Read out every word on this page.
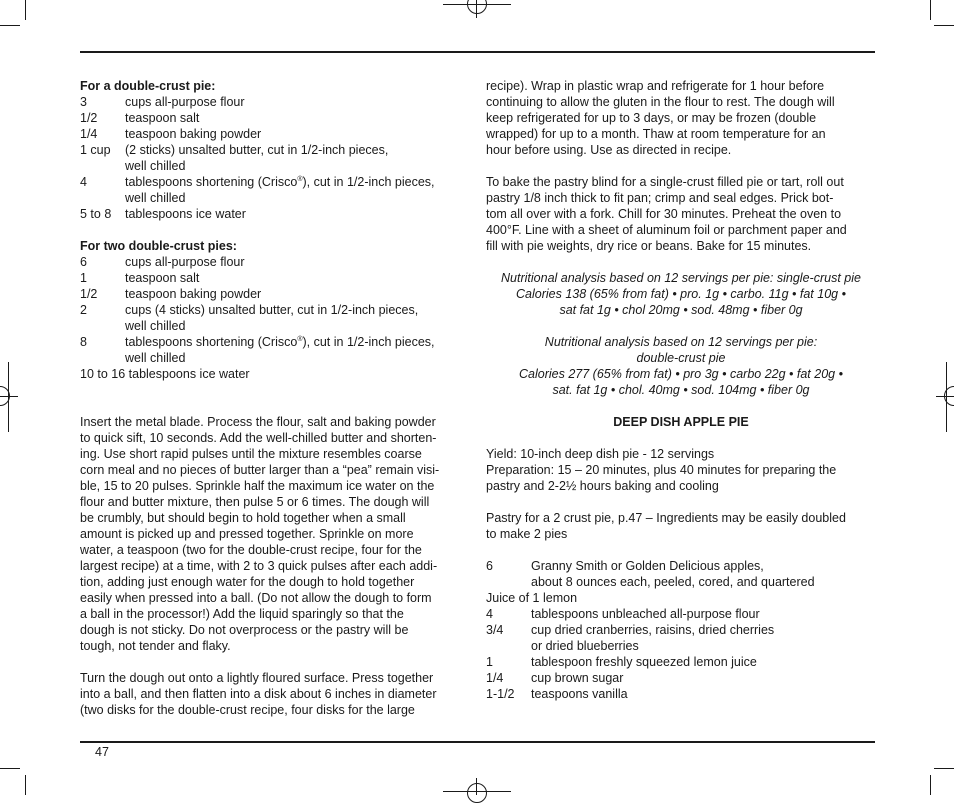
For a double-crust pie:
3	cups all-purpose flour
1/2	teaspoon salt
1/4	teaspoon baking powder
1 cup	(2 sticks) unsalted butter, cut in 1/2-inch pieces,
well chilled
4	tablespoons shortening (Crisco®), cut in 1/2-inch pieces,
well chilled
5 to 8	tablespoons ice water
For two double-crust pies:
6	cups all-purpose flour
1	teaspoon salt
1/2	teaspoon baking powder
2	cups (4 sticks) unsalted butter, cut in 1/2-inch pieces,
well chilled
8	tablespoons shortening (Crisco®), cut in 1/2-inch pieces,
well chilled
10 to 16 tablespoons ice water
Insert the metal blade. Process the flour, salt and baking powder
to quick sift, 10 seconds. Add the well-chilled butter and shorten-
ing. Use short rapid pulses until the mixture resembles coarse
corn meal and no pieces of butter larger than a “pea” remain visi-
ble, 15 to 20 pulses. Sprinkle half the maximum ice water on the
flour and butter mixture, then pulse 5 or 6 times. The dough will
be crumbly, but should begin to hold together when a small
amount is picked up and pressed together. Sprinkle on more
water, a teaspoon (two for the double-crust recipe, four for the
largest recipe) at a time, with 2 to 3 quick pulses after each addi-
tion, adding just enough water for the dough to hold together
easily when pressed into a ball. (Do not allow the dough to form
a ball in the processor!) Add the liquid sparingly so that the
dough is not sticky. Do not overprocess or the pastry will be
tough, not tender and flaky.
Turn the dough out onto a lightly floured surface. Press together
into a ball, and then flatten into a disk about 6 inches in diameter
(two disks for the double-crust recipe, four disks for the large
recipe). Wrap in plastic wrap and refrigerate for 1 hour before
continuing to allow the gluten in the flour to rest. The dough will
keep refrigerated for up to 3 days, or may be frozen (double
wrapped) for up to a month. Thaw at room temperature for an
hour before using. Use as directed in recipe.
To bake the pastry blind for a single-crust filled pie or tart, roll out
pastry 1/8 inch thick to fit pan; crimp and seal edges. Prick bot-
tom all over with a fork. Chill for 30 minutes. Preheat the oven to
400°F. Line with a sheet of aluminum foil or parchment paper and
fill with pie weights, dry rice or beans. Bake for 15 minutes.
Nutritional analysis based on 12 servings per pie: single-crust pie
Calories 138 (65% from fat) • pro. 1g • carbo. 11g • fat 10g •
sat fat 1g • chol 20mg • sod. 48mg • fiber 0g
Nutritional analysis based on 12 servings per pie:
double-crust pie
Calories 277 (65% from fat) • pro 3g • carbo 22g • fat 20g •
sat. fat 1g • chol. 40mg • sod. 104mg • fiber 0g
DEEP DISH APPLE PIE
Yield: 10-inch deep dish pie - 12 servings
Preparation: 15 – 20 minutes, plus 40 minutes for preparing the
pastry and 2-2½ hours baking and cooling
Pastry for a 2 crust pie, p.47 – Ingredients may be easily doubled
to make 2 pies
6	Granny Smith or Golden Delicious apples,
about 8 ounces each, peeled, cored, and quartered
Juice of 1 lemon
4	tablespoons unbleached all-purpose flour
3/4	cup dried cranberries, raisins, dried cherries
or dried blueberries
1	tablespoon freshly squeezed lemon juice
1/4	cup brown sugar
1-1/2	teaspoons vanilla
47
